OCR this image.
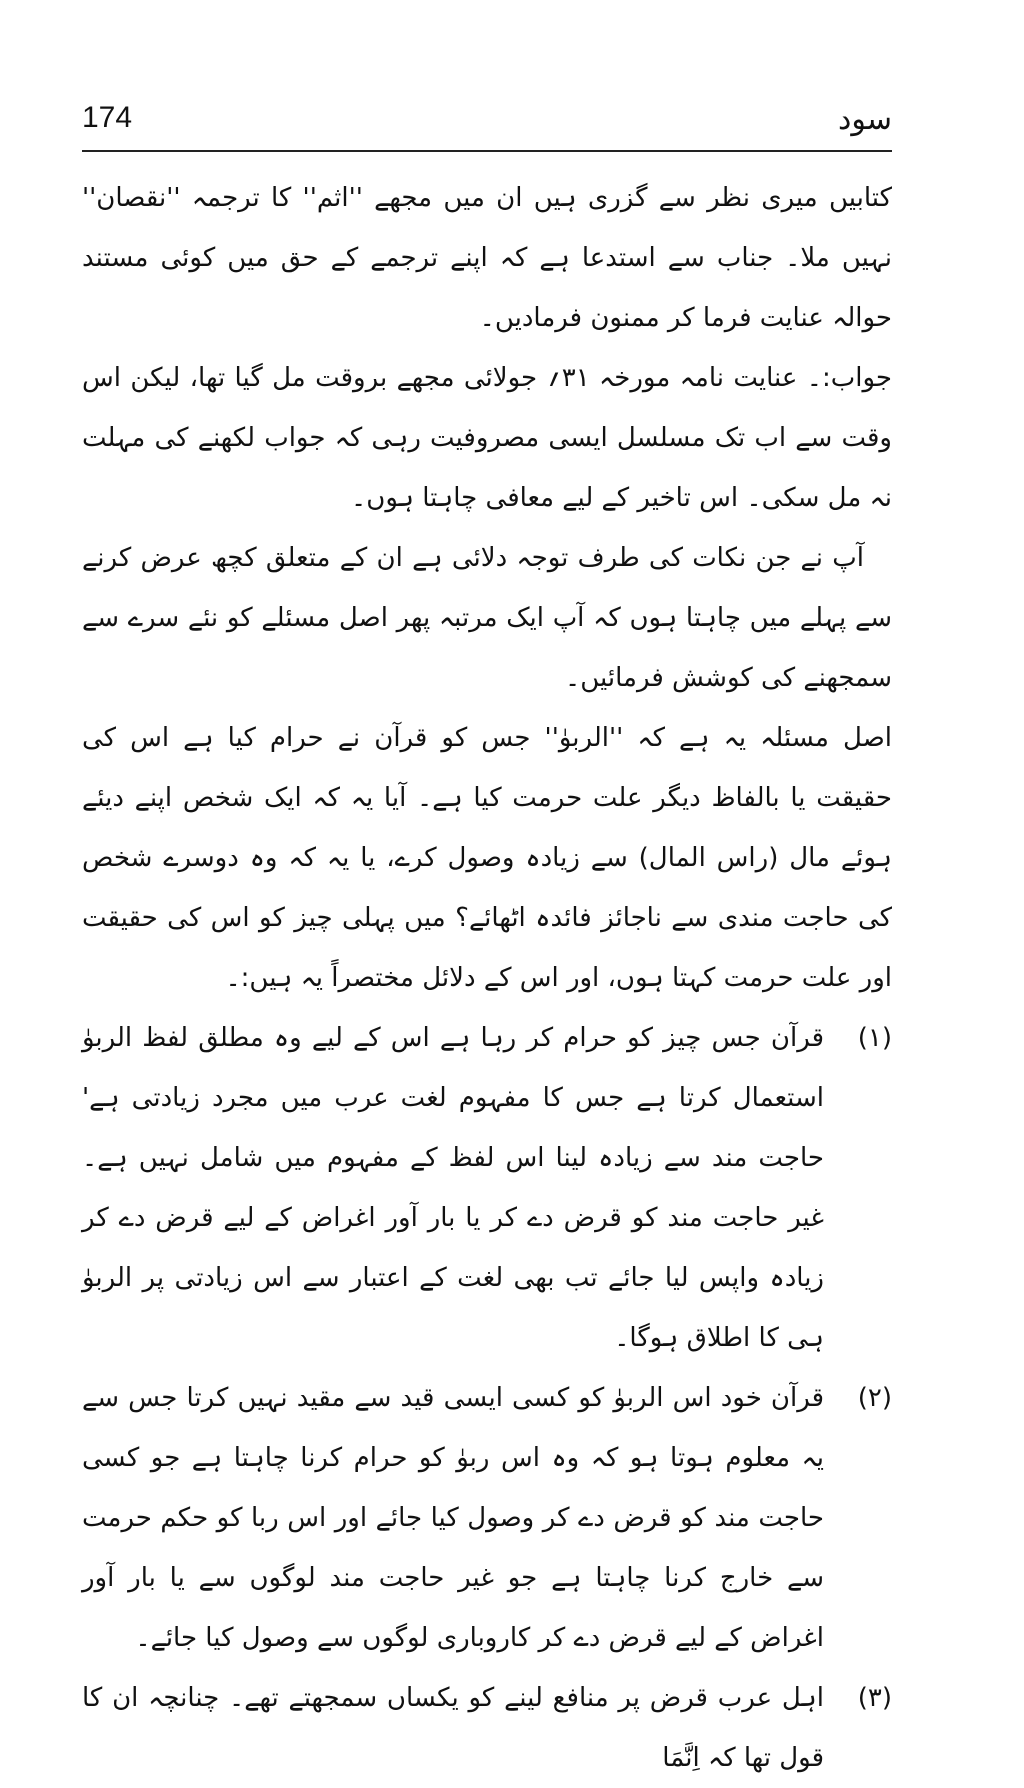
174	سود

کتابیں میری نظر سے گزری ہیں ان میں مجھے ''اثم'' کا ترجمہ ''نقصان'' نہیں ملا۔ جناب سے استدعا ہے کہ اپنے ترجمے کے حق میں کوئی مستند حوالہ عنایت فرما کر ممنون فرمادیں۔

جواب:۔ عنایت نامہ مورخہ ۳۱؍ جولائی مجھے بروقت مل گیا تھا، لیکن اس وقت سے اب تک مسلسل ایسی مصروفیت رہی کہ جواب لکھنے کی مہلت نہ مل سکی۔ اس تاخیر کے لیے معافی چاہتا ہوں۔

آپ نے جن نکات کی طرف توجہ دلائی ہے ان کے متعلق کچھ عرض کرنے سے پہلے میں چاہتا ہوں کہ آپ ایک مرتبہ پھر اصل مسئلے کو نئے سرے سے سمجھنے کی کوشش فرمائیں۔

اصل مسئلہ یہ ہے کہ ''الربوٰ'' جس کو قرآن نے حرام کیا ہے اس کی حقیقت یا بالفاظ دیگر علت حرمت کیا ہے۔ آیا یہ کہ ایک شخص اپنے دیئے ہوئے مال (راس المال) سے زیادہ وصول کرے، یا یہ کہ وہ دوسرے شخص کی حاجت مندی سے ناجائز فائدہ اٹھائے؟ میں پہلی چیز کو اس کی حقیقت اور علت حرمت کہتا ہوں، اور اس کے دلائل مختصراً یہ ہیں:۔

(۱)
قرآن جس چیز کو حرام کر رہا ہے اس کے لیے وہ مطلق لفظ الربوٰ استعمال کرتا ہے جس کا مفہوم لغت عرب میں مجرد زیادتی ہے' حاجت مند سے زیادہ لینا اس لفظ کے مفہوم میں شامل نہیں ہے۔ غیر حاجت مند کو قرض دے کر یا بار آور اغراض کے لیے قرض دے کر زیادہ واپس لیا جائے تب بھی لغت کے اعتبار سے اس زیادتی پر الربوٰ ہی کا اطلاق ہوگا۔
(۲)
قرآن خود اس الربوٰ کو کسی ایسی قید سے مقید نہیں کرتا جس سے یہ معلوم ہوتا ہو کہ وہ اس ربوٰ کو حرام کرنا چاہتا ہے جو کسی حاجت مند کو قرض دے کر وصول کیا جائے اور اس ربا کو حکم حرمت سے خارج کرنا چاہتا ہے جو غیر حاجت مند لوگوں سے یا بار آور اغراض کے لیے قرض دے کر کاروباری لوگوں سے وصول کیا جائے۔
(۳)
اہل عرب قرض پر منافع لینے کو یکساں سمجھتے تھے۔ چنانچہ ان کا قول تھا کہ اِنَّمَا
